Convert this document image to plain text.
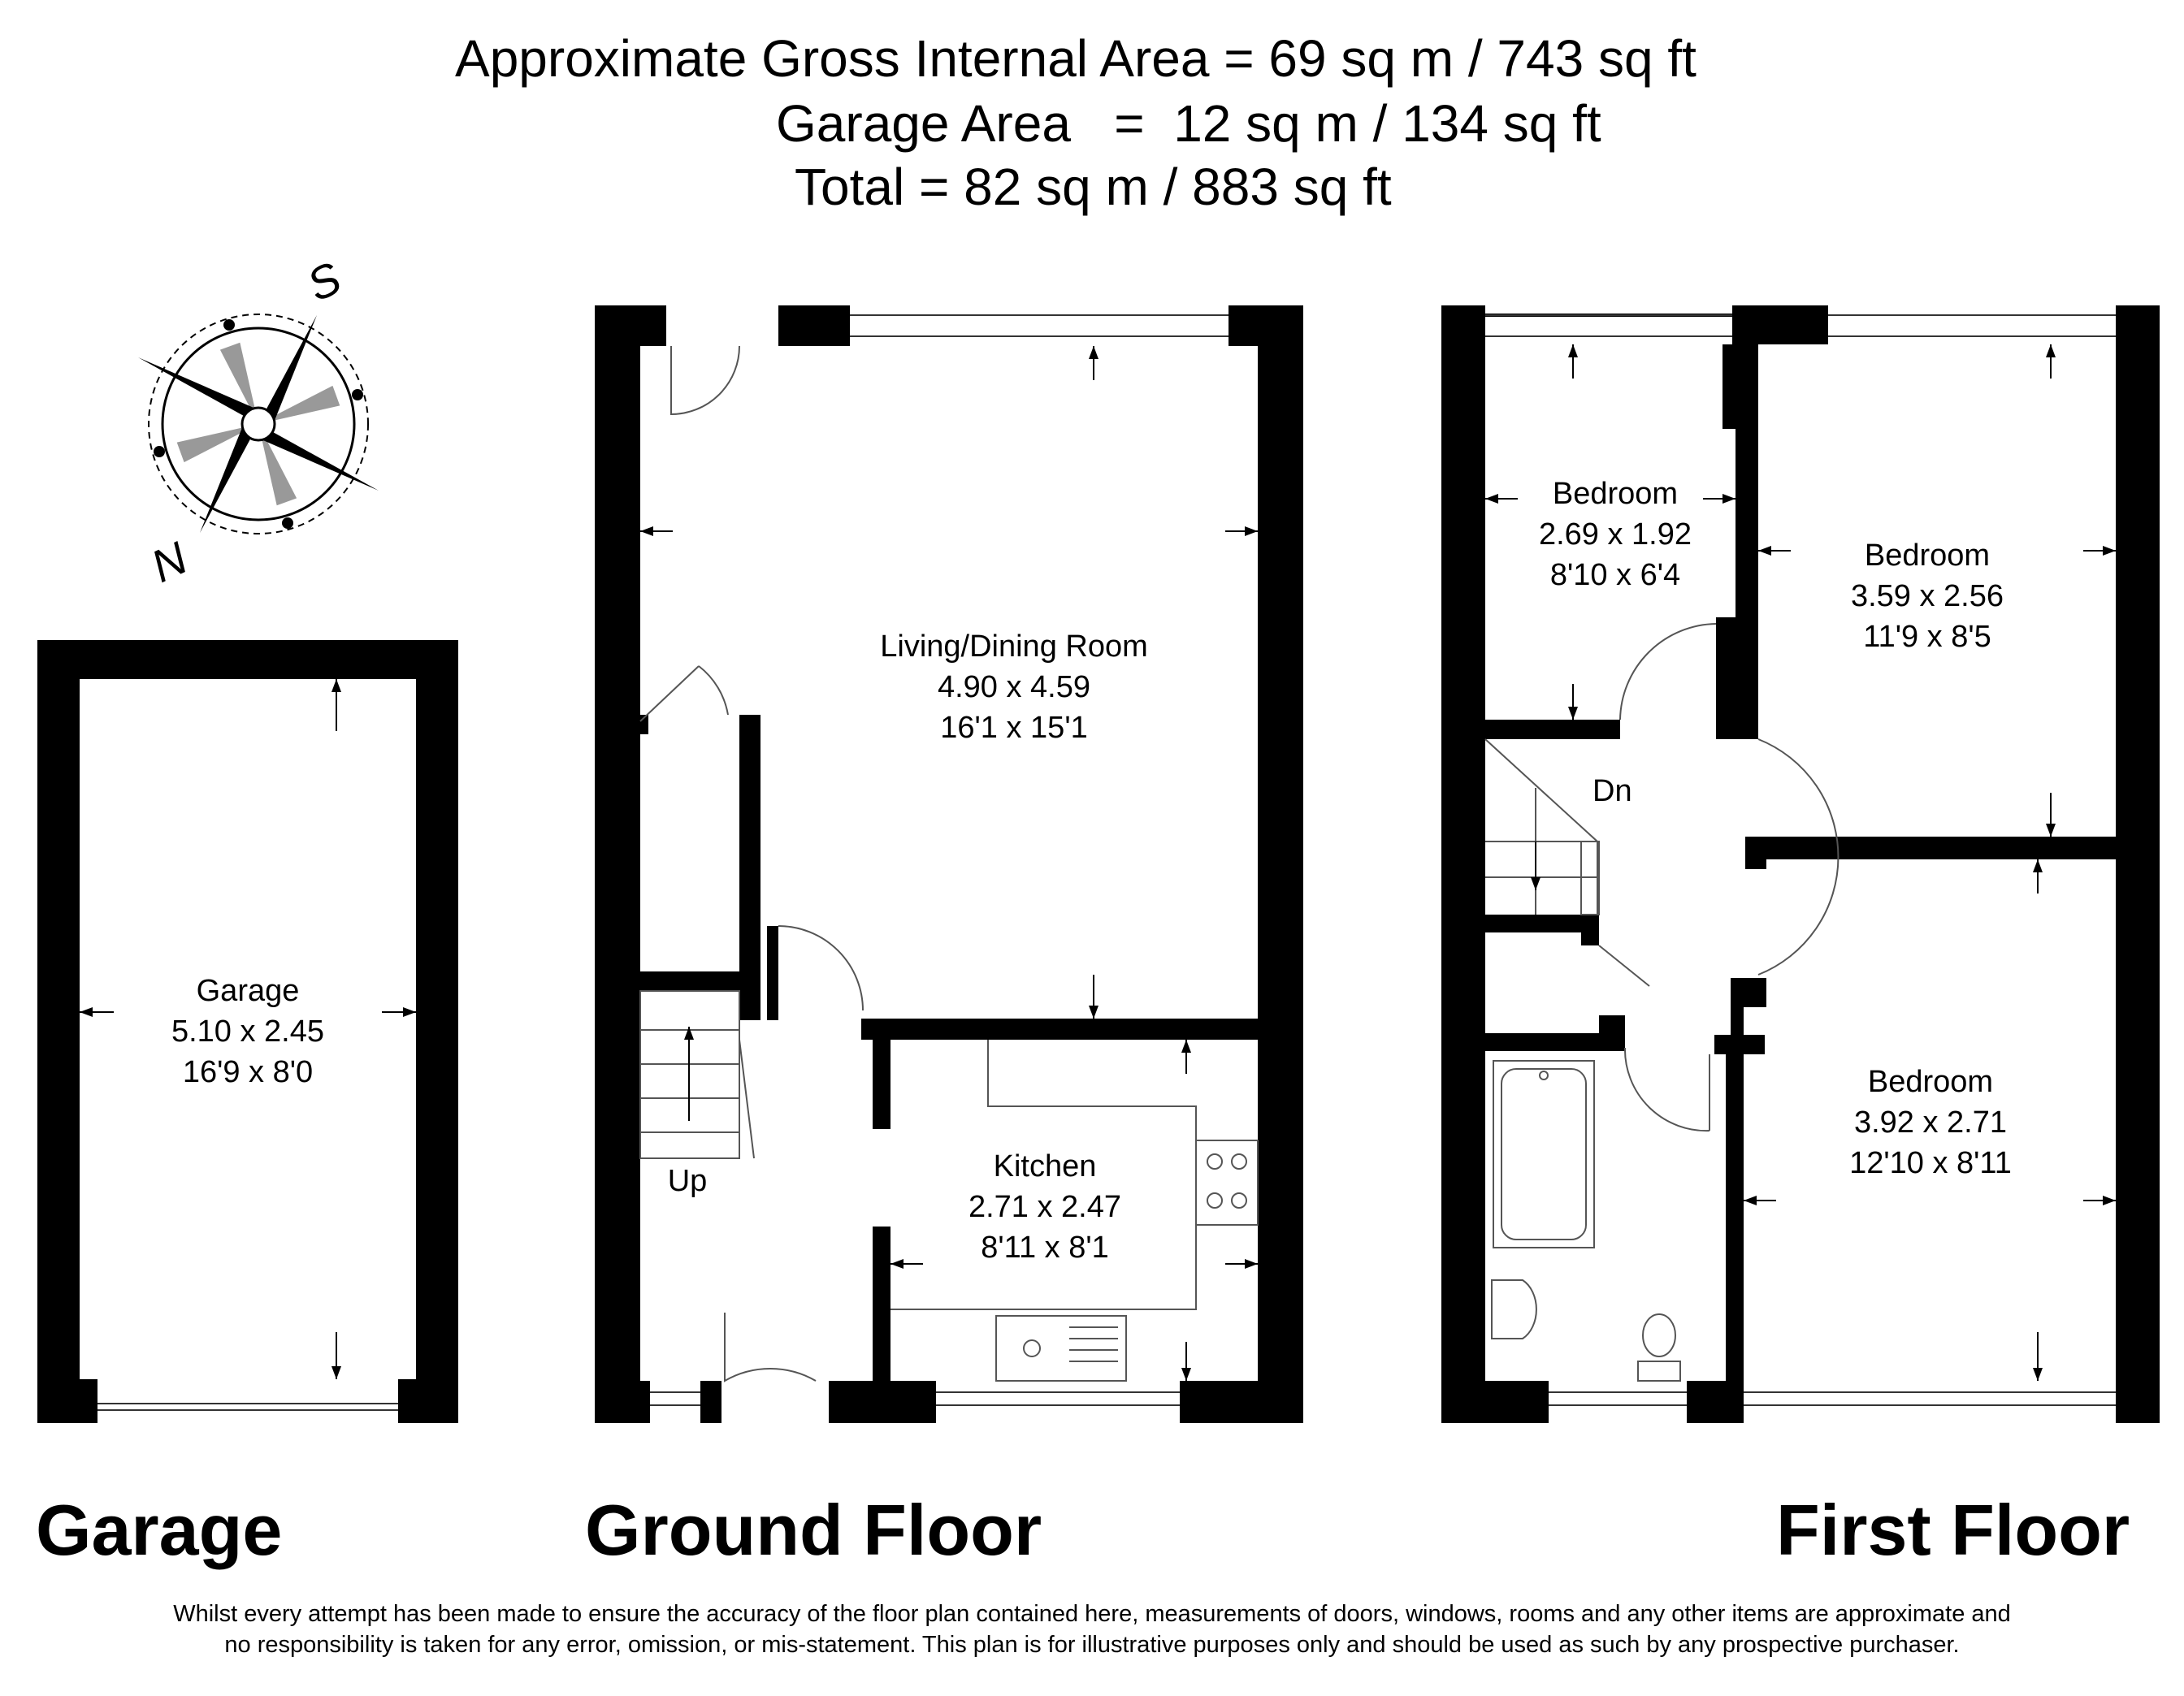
Approximate Gross Internal Area = 69 sq m / 743 sq ft
Garage Area   =  12 sq m / 134 sq ft
Total = 82 sq m / 883 sq ft
S
N
Garage
5.10 x 2.45
16'9 x 8'0
Living/Dining Room
4.90 x 4.59
16'1 x 15'1
Kitchen
2.71 x 2.47
8'11 x 8'1
Up
Bedroom
2.69 x 1.92
8'10 x 6'4
Bedroom
3.59 x 2.56
11'9 x 8'5
Bedroom
3.92 x 2.71
12'10 x 8'11
Dn
Garage	Ground Floor	First Floor
Whilst every attempt has been made to ensure the accuracy of the floor plan contained here, measurements of doors, windows, rooms and any other items are approximate and
no responsibility is taken for any error, omission, or mis-statement. This plan is for illustrative purposes only and should be used as such by any prospective purchaser.
